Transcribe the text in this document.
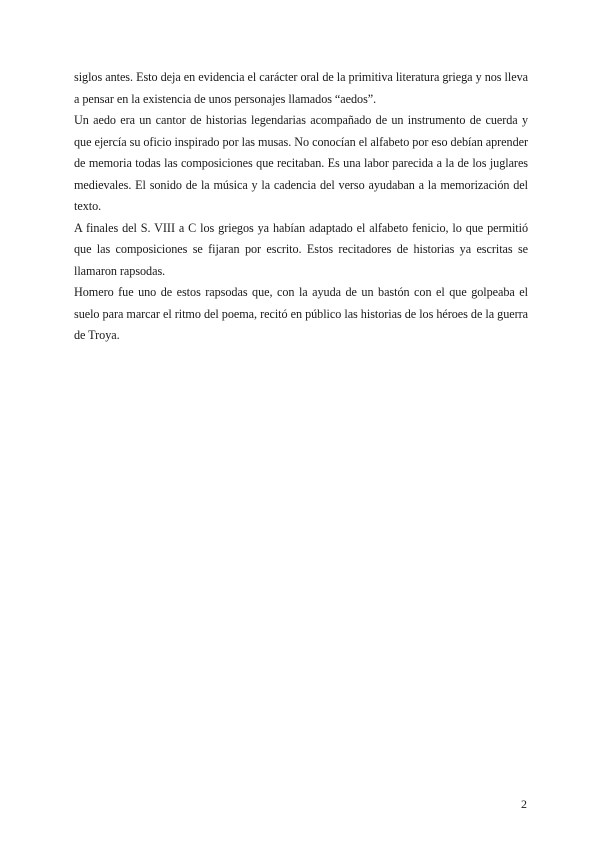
siglos antes. Esto deja en evidencia el carácter oral de la primitiva literatura griega y nos lleva a pensar en la existencia de unos personajes llamados “aedos”.

Un aedo era un cantor de historias legendarias acompañado de un instrumento de cuerda y que ejercía su oficio inspirado por las musas. No conocían el alfabeto por eso debían aprender de memoria todas las composiciones que recitaban. Es una labor parecida a la de los juglares medievales. El sonido de la música y la cadencia del verso ayudaban a la memorización del texto.

A finales del S. VIII a C los griegos ya habían adaptado el alfabeto fenicio, lo que permitió que las composiciones se fijaran por escrito. Estos recitadores de historias ya escritas se llamaron rapsodas.

Homero fue uno de estos rapsodas que, con la ayuda de un bastón con el que golpeaba el suelo para marcar el ritmo del poema, recitó en público las historias de los héroes de la guerra de Troya.

2
